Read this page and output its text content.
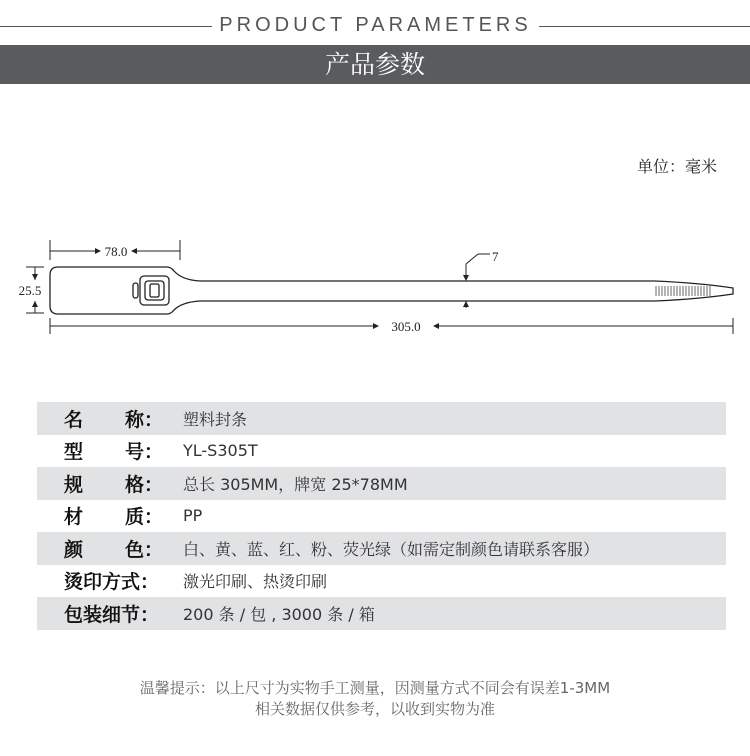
PRODUCT PARAMETERS
产品参数
单位：毫米
78.0
25.5
7
305.0
名 称：	塑料封条
型 号：	YL-S305T
规 格：	总长 305MM，牌宽 25*78MM
材 质：	PP
颜 色：	白、黄、蓝、红、粉、荧光绿（如需定制颜色请联系客服）
烫印方式：	激光印刷、热烫印刷
包装细节：	200 条 / 包 , 3000 条 / 箱
温馨提示：以上尺寸为实物手工测量，因测量方式不同会有误差1-3MM
相关数据仅供参考，以收到实物为准
